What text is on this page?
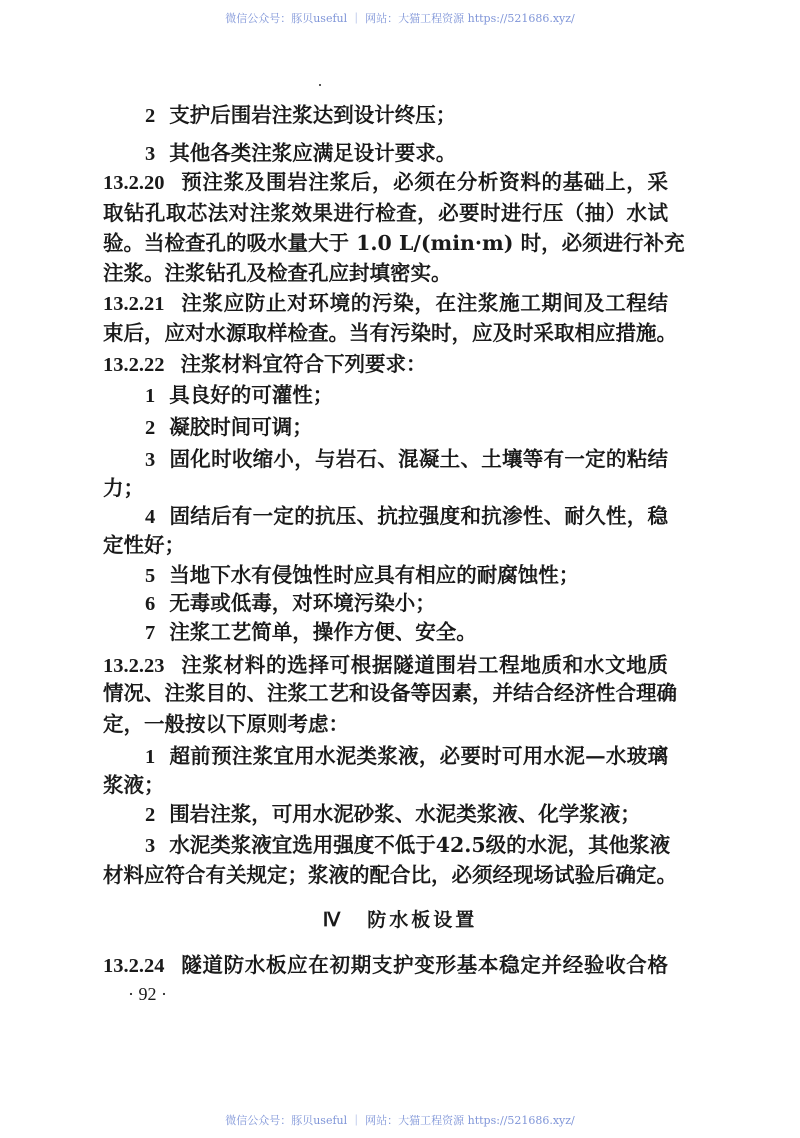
微信公众号：豚贝useful ｜ 网站：大猫工程资源 https://521686.xyz/
2 支护后围岩注浆达到设计终压；
3 其他各类注浆应满足设计要求。
13.2.20 预注浆及围岩注浆后，必须在分析资料的基础上，采
取钻孔取芯法对注浆效果进行检查，必要时进行压（抽）水试
验。当检查孔的吸水量大于 1.0 L/(min·m) 时，必须进行补充
注浆。注浆钻孔及检查孔应封填密实。
13.2.21 注浆应防止对环境的污染，在注浆施工期间及工程结
束后，应对水源取样检查。当有污染时，应及时采取相应措施。
13.2.22 注浆材料宜符合下列要求：
1 具良好的可灌性；
2 凝胶时间可调；
3 固化时收缩小，与岩石、混凝土、土壤等有一定的粘结
力；
4 固结后有一定的抗压、抗拉强度和抗渗性、耐久性，稳
定性好；
5 当地下水有侵蚀性时应具有相应的耐腐蚀性；
6 无毒或低毒，对环境污染小；
7 注浆工艺简单，操作方便、安全。
13.2.23 注浆材料的选择可根据隧道围岩工程地质和水文地质
情况、注浆目的、注浆工艺和设备等因素，并结合经济性合理确
定，一般按以下原则考虑：
1 超前预注浆宜用水泥类浆液，必要时可用水泥—水玻璃
浆液；
2 围岩注浆，可用水泥砂浆、水泥类浆液、化学浆液；
3 水泥类浆液宜选用强度不低于42.5级的水泥，其他浆液
材料应符合有关规定；浆液的配合比，必须经现场试验后确定。
13.2.24 隧道防水板应在初期支护变形基本稳定并经验收合格
Ⅳ 防水板设置
· 92 ·
微信公众号：豚贝useful ｜ 网站：大猫工程资源 https://521686.xyz/
